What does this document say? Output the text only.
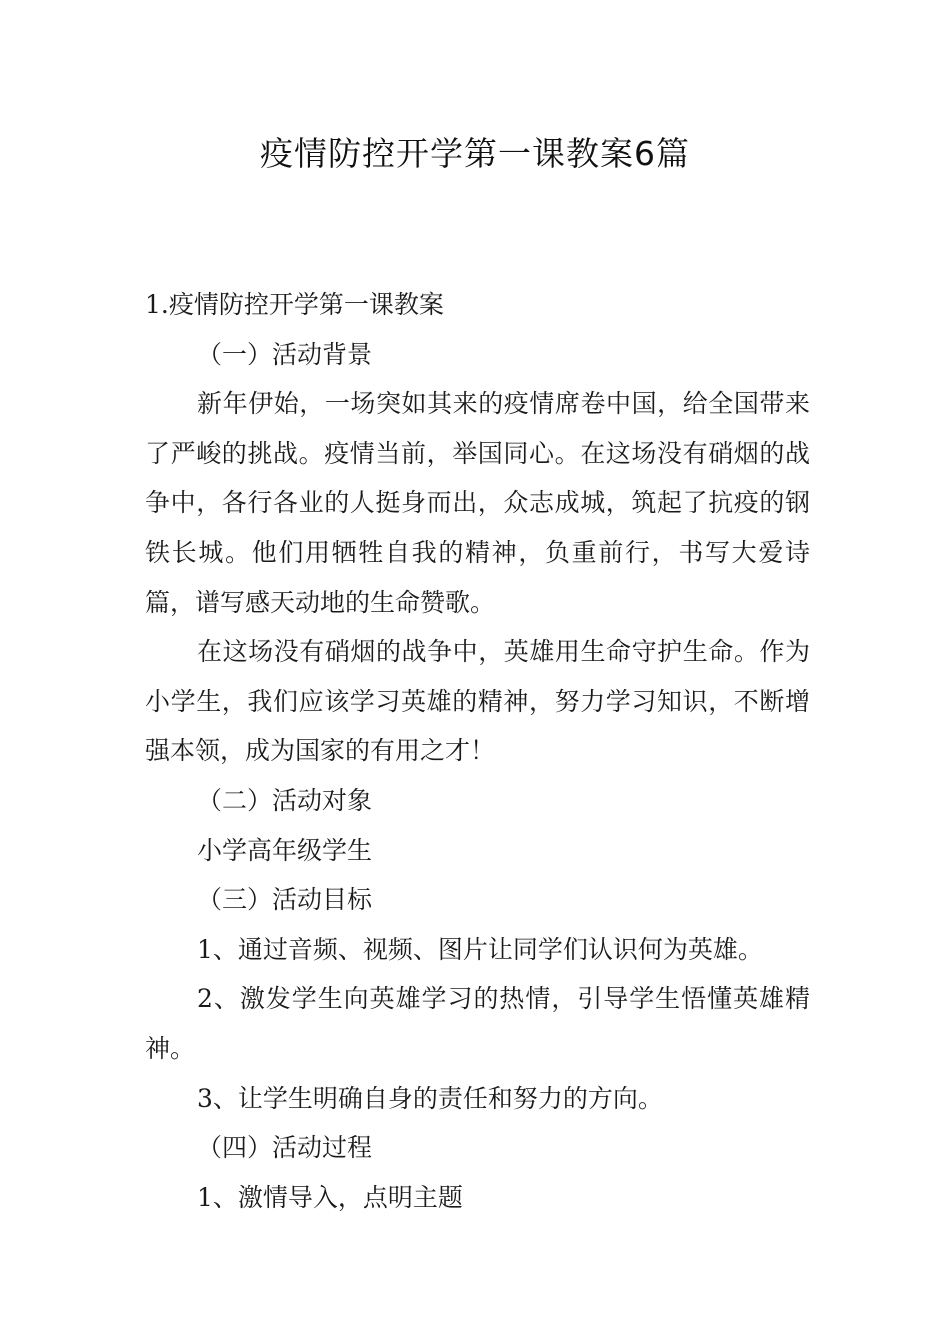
疫情防控开学第一课教案6篇

1.疫情防控开学第一课教案

（一）活动背景

新年伊始，一场突如其来的疫情席卷中国，给全国带来了严峻的挑战。疫情当前，举国同心。在这场没有硝烟的战争中，各行各业的人挺身而出，众志成城，筑起了抗疫的钢铁长城。他们用牺牲自我的精神，负重前行，书写大爱诗篇，谱写感天动地的生命赞歌。

在这场没有硝烟的战争中，英雄用生命守护生命。作为小学生，我们应该学习英雄的精神，努力学习知识，不断增强本领，成为国家的有用之才！

（二）活动对象

小学高年级学生

（三）活动目标

1、通过音频、视频、图片让同学们认识何为英雄。

2、激发学生向英雄学习的热情，引导学生悟懂英雄精神。

3、让学生明确自身的责任和努力的方向。

（四）活动过程

1、激情导入，点明主题
